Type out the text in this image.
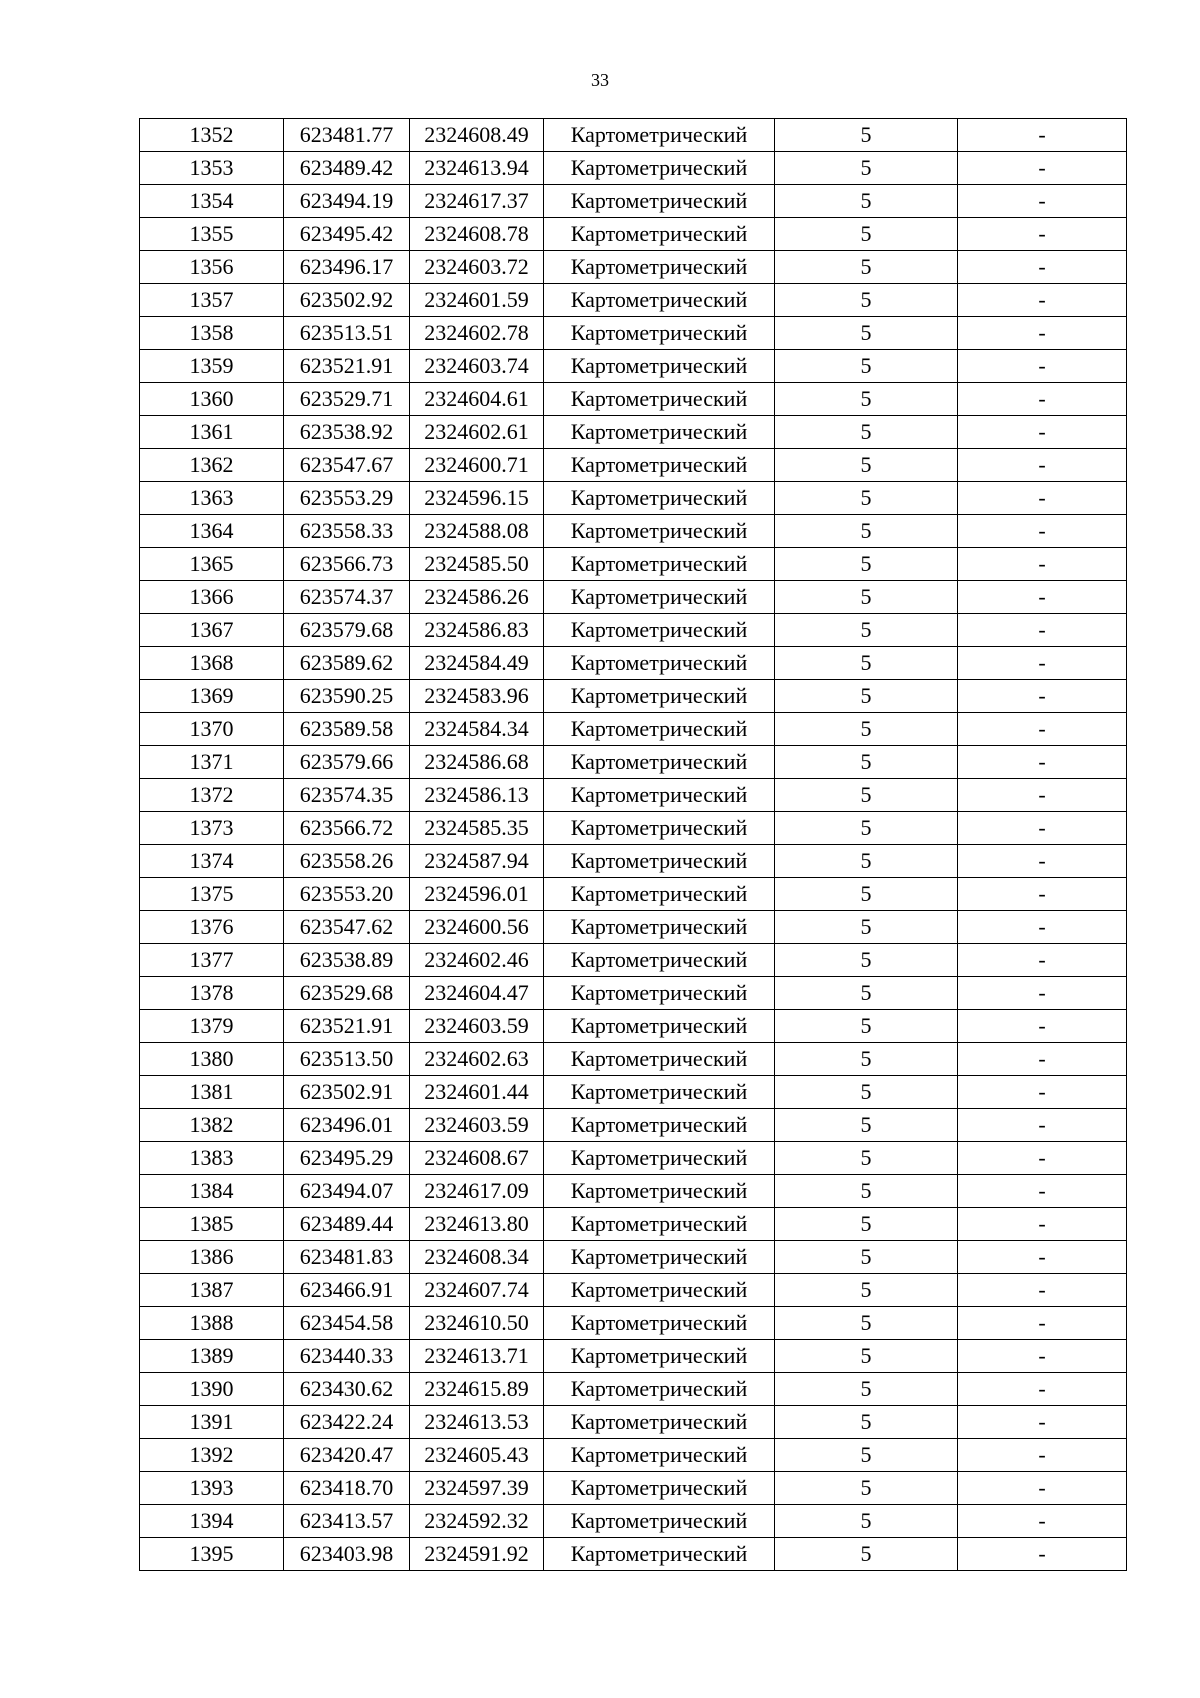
33
1352	623481.77	2324608.49	Картометрический	5	-
1353	623489.42	2324613.94	Картометрический	5	-
1354	623494.19	2324617.37	Картометрический	5	-
1355	623495.42	2324608.78	Картометрический	5	-
1356	623496.17	2324603.72	Картометрический	5	-
1357	623502.92	2324601.59	Картометрический	5	-
1358	623513.51	2324602.78	Картометрический	5	-
1359	623521.91	2324603.74	Картометрический	5	-
1360	623529.71	2324604.61	Картометрический	5	-
1361	623538.92	2324602.61	Картометрический	5	-
1362	623547.67	2324600.71	Картометрический	5	-
1363	623553.29	2324596.15	Картометрический	5	-
1364	623558.33	2324588.08	Картометрический	5	-
1365	623566.73	2324585.50	Картометрический	5	-
1366	623574.37	2324586.26	Картометрический	5	-
1367	623579.68	2324586.83	Картометрический	5	-
1368	623589.62	2324584.49	Картометрический	5	-
1369	623590.25	2324583.96	Картометрический	5	-
1370	623589.58	2324584.34	Картометрический	5	-
1371	623579.66	2324586.68	Картометрический	5	-
1372	623574.35	2324586.13	Картометрический	5	-
1373	623566.72	2324585.35	Картометрический	5	-
1374	623558.26	2324587.94	Картометрический	5	-
1375	623553.20	2324596.01	Картометрический	5	-
1376	623547.62	2324600.56	Картометрический	5	-
1377	623538.89	2324602.46	Картометрический	5	-
1378	623529.68	2324604.47	Картометрический	5	-
1379	623521.91	2324603.59	Картометрический	5	-
1380	623513.50	2324602.63	Картометрический	5	-
1381	623502.91	2324601.44	Картометрический	5	-
1382	623496.01	2324603.59	Картометрический	5	-
1383	623495.29	2324608.67	Картометрический	5	-
1384	623494.07	2324617.09	Картометрический	5	-
1385	623489.44	2324613.80	Картометрический	5	-
1386	623481.83	2324608.34	Картометрический	5	-
1387	623466.91	2324607.74	Картометрический	5	-
1388	623454.58	2324610.50	Картометрический	5	-
1389	623440.33	2324613.71	Картометрический	5	-
1390	623430.62	2324615.89	Картометрический	5	-
1391	623422.24	2324613.53	Картометрический	5	-
1392	623420.47	2324605.43	Картометрический	5	-
1393	623418.70	2324597.39	Картометрический	5	-
1394	623413.57	2324592.32	Картометрический	5	-
1395	623403.98	2324591.92	Картометрический	5	-
